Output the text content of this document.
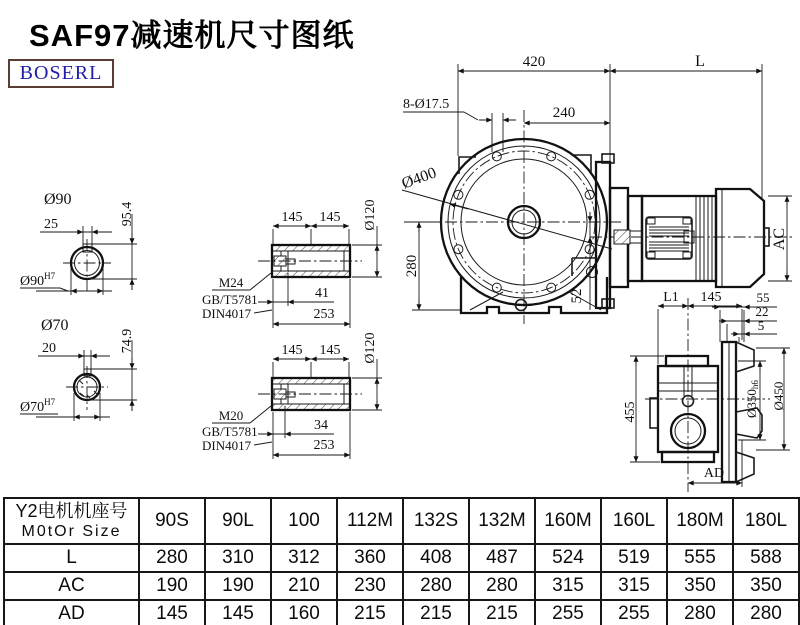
SAF97减速机尺寸图纸
BOSERL
Ø90
25	95.4
$Ø90^{H7}$
Ø70
20	74.9
$Ø70^{H7}$
145 145 Ø120
M24
GB/T5781
DIN4017
41
253
145 145 Ø120
M20
GB/T5781
DIN4017
34
253
420	L
8-Ø17.5
240
Ø400
280
52
AC
L1 145	55
22
5
455	Ø350h6 Ø450
AD
Y2电机机座号
M0tOr Size	90S	90L	100	112M	132S	132M	160M	160L	180M	180L
L	280	310	312	360	408	487	524	519	555	588
AC	190	190	210	230	280	280	315	315	350	350
AD	145	145	160	215	215	215	255	255	280	280
